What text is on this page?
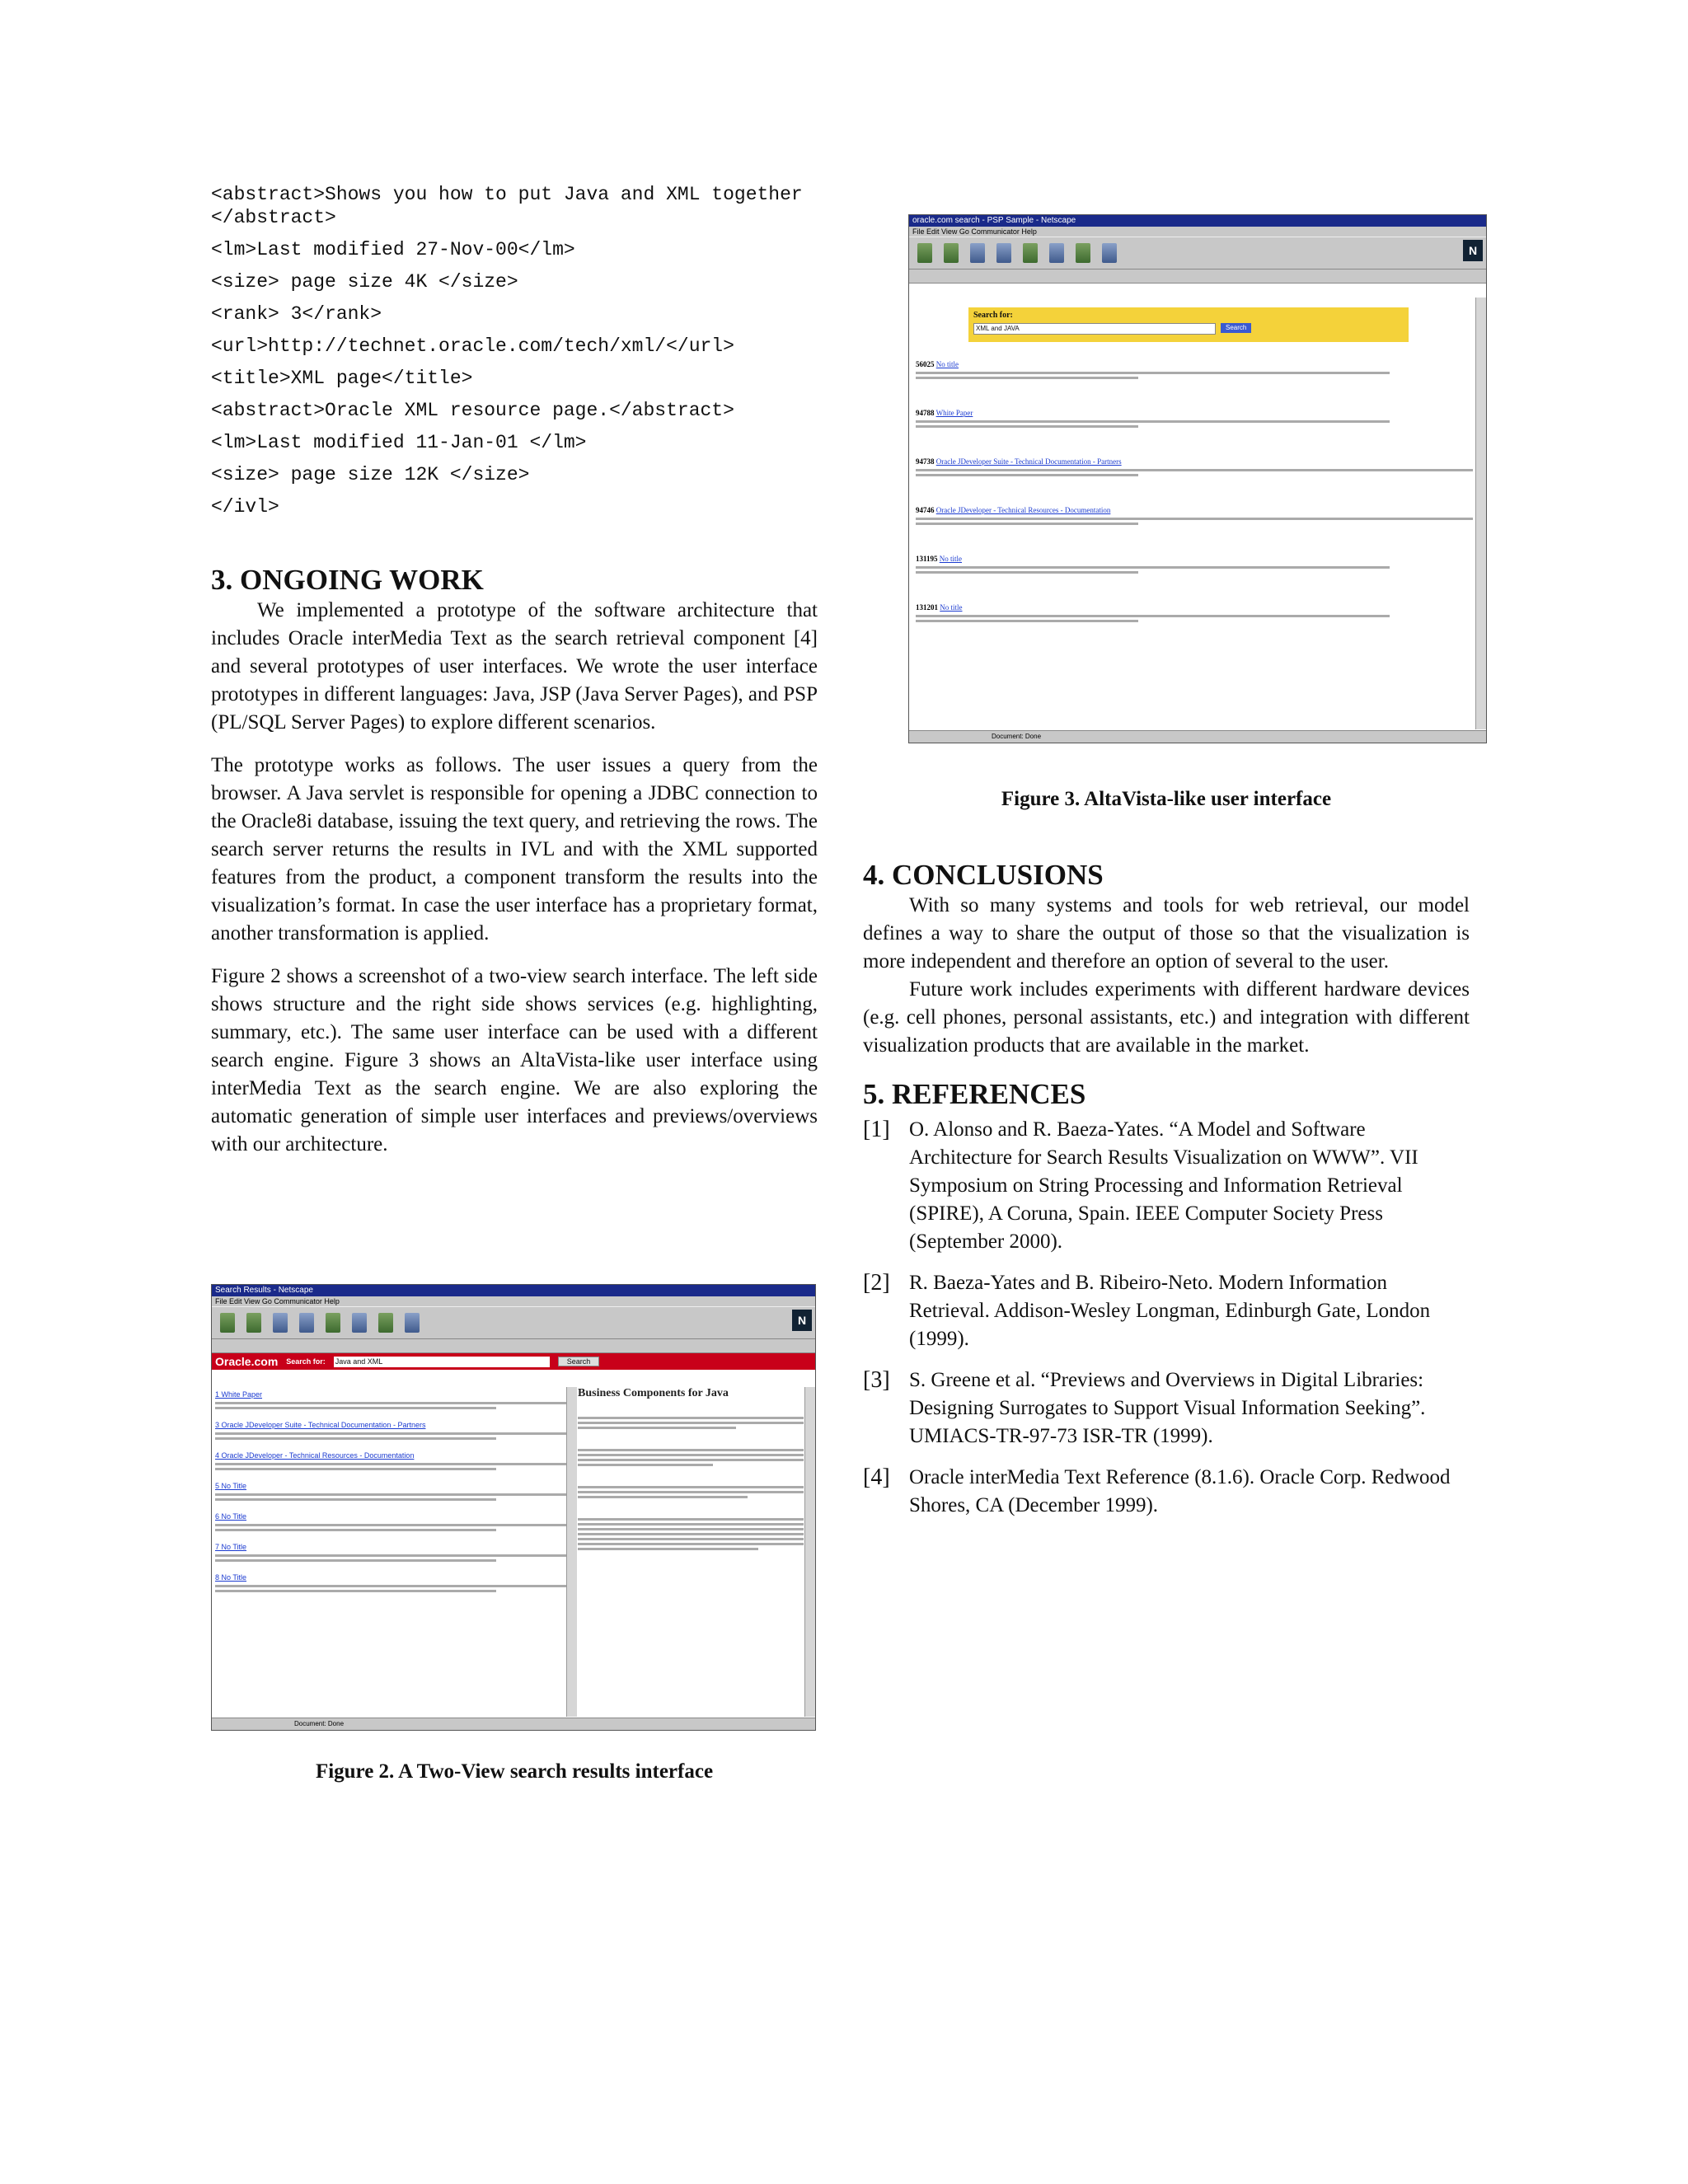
<abstract>Shows you how to put Java and XML together </abstract>
<lm>Last modified 27-Nov-00</lm>
<size> page size 4K </size>
<rank> 3</rank>
<url>http://technet.oracle.com/tech/xml/</url>
<title>XML page</title>
<abstract>Oracle XML resource page.</abstract>
<lm>Last modified 11-Jan-01 </lm>
<size> page size 12K </size>
</ivl>
3. ONGOING WORK

We implemented a prototype of the software architecture that includes Oracle interMedia Text as the search retrieval component [4] and several prototypes of user interfaces. We wrote the user interface prototypes in different languages: Java, JSP (Java Server Pages), and PSP (PL/SQL Server Pages) to explore different scenarios.

The prototype works as follows. The user issues a query from the browser. A Java servlet is responsible for opening a JDBC connection to the Oracle8i database, issuing the text query, and retrieving the rows. The search server returns the results in IVL and with the XML supported features from the product, a component transform the results into the visualization’s format. In case the user interface has a proprietary format, another transformation is applied.

Figure 2 shows a screenshot of a two-view search interface. The left side shows structure and the right side shows services (e.g. highlighting, summary, etc.). The same user interface can be used with a different search engine. Figure 3 shows an AltaVista-like user interface using interMedia Text as the search engine. We are also exploring the automatic generation of simple user interfaces and previews/overviews with our architecture.

Search Results - Netscape
File Edit View Go Communicator Help
N
Oracle.com Search for: Java and XML	Search
1 White Paper
3 Oracle JDeveloper Suite - Technical Documentation - Partners
4 Oracle JDeveloper - Technical Resources - Documentation
5 No Title
6 No Title
7 No Title
8 No Title
Business Components for Java
Document: Done
Figure 2. A Two-View search results interface
oracle.com search - PSP Sample - Netscape
File Edit View Go Communicator Help
N
Search for:
XML and JAVA	Search
56025 No title
94788 White Paper
94738 Oracle JDeveloper Suite - Technical Documentation - Partners
94746 Oracle JDeveloper - Technical Resources - Documentation
131195 No title
131201 No title
Document: Done
Figure 3. AltaVista-like user interface
4. CONCLUSIONS

With so many systems and tools for web retrieval, our model defines a way to share the output of those so that the visualization is more independent and therefore an option of several to the user.

Future work includes experiments with different hardware devices (e.g. cell phones, personal assistants, etc.) and integration with different visualization products that are available in the market.

5. REFERENCES
[1] O. Alonso and R. Baeza-Yates. “A Model and Software Architecture for Search Results Visualization on WWW”. VII Symposium on String Processing and Information Retrieval (SPIRE), A Coruna, Spain. IEEE Computer Society Press (September 2000).
[2] R. Baeza-Yates and B. Ribeiro-Neto. Modern Information Retrieval. Addison-Wesley Longman, Edinburgh Gate, London (1999).
[3] S. Greene et al. “Previews and Overviews in Digital Libraries: Designing Surrogates to Support Visual Information Seeking”. UMIACS-TR-97-73 ISR-TR (1999).
[4] Oracle interMedia Text Reference (8.1.6). Oracle Corp. Redwood Shores, CA (December 1999).
